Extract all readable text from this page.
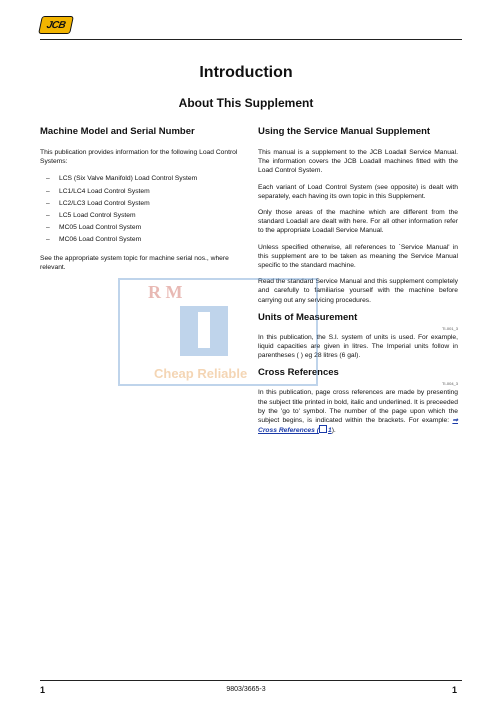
JCB
Introduction
About This Supplement
Machine Model and Serial Number

This publication provides information for the following Load Control Systems:

– LCS (Six Valve Manifold) Load Control System
– LC1/LC4 Load Control System
– LC2/LC3 Load Control System
– LC5 Load Control System
– MC05 Load Control System
– MC06 Load Control System

See the appropriate system topic for machine serial nos., where relevant.

Using the Service Manual Supplement

This manual is a supplement to the JCB Loadall Service Manual. The information covers the JCB Loadall machines fitted with the Load Control System.

Each variant of Load Control System (see opposite) is dealt with separately, each having its own topic in this Supplement.

Only those areas of the machine which are different from the standard Loadall are dealt with here. For all other information refer to the appropriate Loadall Service Manual.

Unless specified otherwise, all references to `Service Manual' in this supplement are to be taken as meaning the Service Manual specific to the standard machine.

Read the standard Service Manual and this supplement completely and carefully to familiarise yourself with the machine before carrying out any servicing procedures.

Units of Measurement
TI-001_3

In this publication, the S.I. system of units is used. For example, liquid capacities are given in litres. The Imperial units follow in parentheses ( ) eg 28 litres (6 gal).

Cross References
TI-004_3

In this publication, page cross references are made by presenting the subject title printed in bold, italic and underlined. It is preceeded by the 'go to' symbol. The number of the page upon which the subject begins, is indicated within the brackets. For example: ⇒ Cross References ( 1).

R M
Cheap Reliable
1	9803/3665-3	1
